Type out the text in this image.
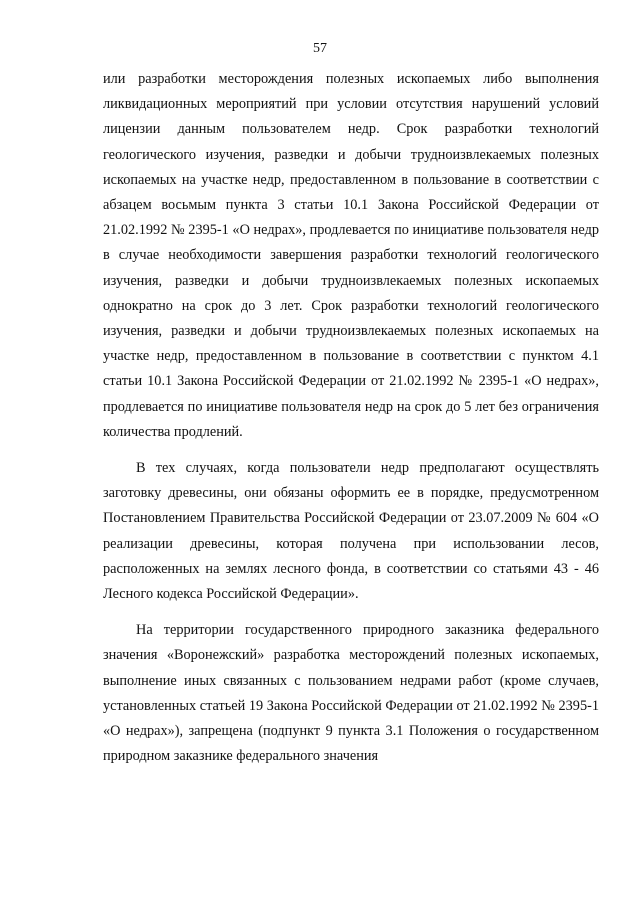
57

или разработки месторождения полезных ископаемых либо выполнения ликвидационных мероприятий при условии отсутствия нарушений условий лицензии данным пользователем недр. Срок разработки технологий геологического изучения, разведки и добычи трудноизвлекаемых полезных ископаемых на участке недр, предоставленном в пользование в соответствии с абзацем восьмым пункта 3 статьи 10.1 Закона Российской Федерации от 21.02.1992 № 2395-1 «О недрах», продлевается по инициативе пользователя недр в случае необходимости завершения разработки технологий геологического изучения, разведки и добычи трудноизвлекаемых полезных ископаемых однократно на срок до 3 лет. Срок разработки технологий геологического изучения, разведки и добычи трудноизвлекаемых полезных ископаемых на участке недр, предоставленном в пользование в соответствии с пунктом 4.1 статьи 10.1 Закона Российской Федерации от 21.02.1992 № 2395-1 «О недрах», продлевается по инициативе пользователя недр на срок до 5 лет без ограничения количества продлений.

В тех случаях, когда пользователи недр предполагают осуществлять заготовку древесины, они обязаны оформить ее в порядке, предусмотренном Постановлением Правительства Российской Федерации от 23.07.2009 № 604 «О реализации древесины, которая получена при использовании лесов, расположенных на землях лесного фонда, в соответствии со статьями 43 - 46 Лесного кодекса Российской Федерации».

На территории государственного природного заказника федерального значения «Воронежский» разработка месторождений полезных ископаемых, выполнение иных связанных с пользованием недрами работ (кроме случаев, установленных статьей 19 Закона Российской Федерации от 21.02.1992 № 2395-1 «О недрах»), запрещена (подпункт 9 пункта 3.1 Положения о государственном природном заказнике федерального значения
